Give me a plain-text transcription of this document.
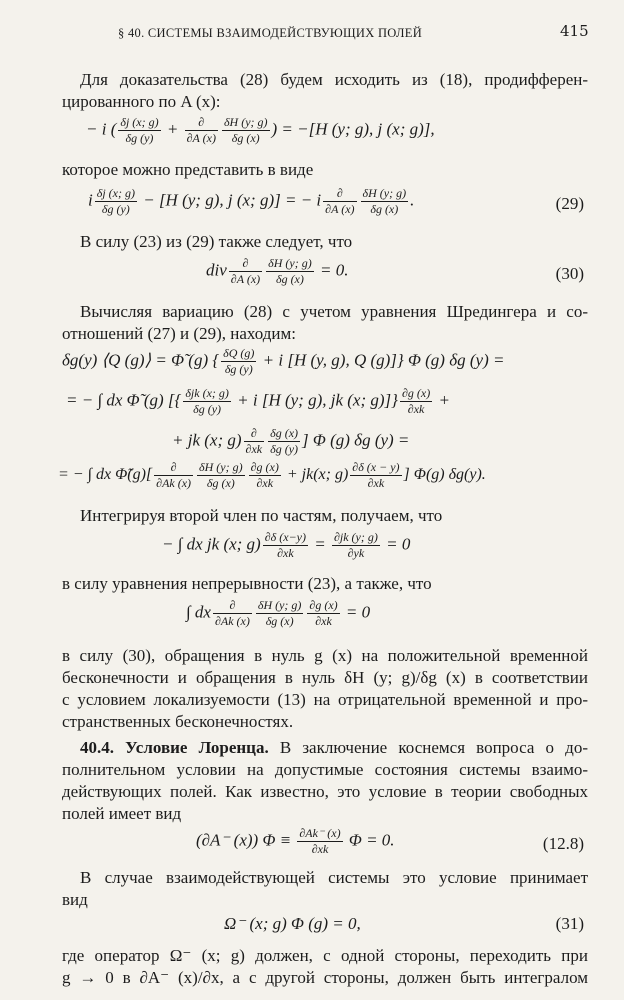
§ 40. СИСТЕМЫ ВЗАИМОДЕЙСТВУЮЩИХ ПОЛЕЙ	415
Для доказательства (28) будем исходить из (18), продифферен-
цированного по A (x):
− i ( $\frac{\delta j (x; g)}{\delta g (y)}$ +	∂
∂A $(x) \frac{\delta H (y; g)}{\delta g (x)}$ ) = −[H (y; g), j (x; g)],
которое можно представить в виде
i $\frac{\delta j (x; g)}{\delta g (y)} - [H$ (y; g), j (x; g)] = − i	∂
∂A $(x) \frac{\delta H (y; g)}{\delta g (x)}$ .	(29)
В силу (23) из (29) также следует, что
div	∂
∂A $(x) \frac{\delta H (y; g)}{\delta g (x)} = 0$.	(30)
Вычисляя вариацию (28) с учетом уравнения Шредингера и со-
отношений (27) и (29), находим:
δg(y) ⟨Q (g)⟩ = Φ̃ (g) { $\frac{\delta Q (g)}{\delta g (y)} + i$ [H (y, g), Q (g)]} Φ (g) δg (y) =
= − ∫ dx Φ̃ (g) [{ δjk (x; g)
δg (y) + i [H (y; g), jk (x; $g)]\} \frac{\partial g (x)}{\partial xk}$ +
+ jk (x; g) ∂
$\partial xk \frac{\delta g (x)}{\delta g (y)}$ ] Φ (g) δg (y) =
= − ∫ dx Φ̃(g)[	∂
∂Ak $(x) \frac{\delta H (y; g)}{\delta g (x)} \frac{\partial g (x)}{\partial xk} + jk(x$; $g) \frac{\partial\delta (x - y)}{\partial xk}$ ] Φ(g) δg(y).
Интегрируя второй член по частям, получаем, что
− ∫ dx jk (x; $g) \frac{\partial\delta (x-y)}{\partial xk} = \frac{\partial jk (y; g)}{\partial yk} = 0$
в силу уравнения непрерывности (23), а также, что
∫ dx	∂
∂Ak $(x) \frac{\delta H (y; g)}{\delta g (x)} \frac{\partial g (x)}{\partial xk} = 0$
в силу (30), обращения в нуль g (x) на положительной временной
бесконечности и обращения в нуль δH (y; g)/δg (x) в соответствии
с условием локализуемости (13) на отрицательной временной и про-
странственных бесконечностях.
40.4. Условие Лоренца. В заключение коснемся вопроса о до-
полнительном условии на допустимые состояния системы взаимо-
действующих полей. Как известно, это условие в теории свободных
полей имеет вид
(∂A⁻ (x)) $\Phi \equiv \frac{\partial Ak^- (x)}{\partial xk}$ Φ = 0.	(12.8)
В случае взаимодействующей системы это условие принимает
вид
Ω⁻ (x; g) Φ (g) = 0,	(31)
где оператор Ω⁻ (x; g) должен, с одной стороны, переходить при
g → 0 в ∂A⁻ (x)/∂x, а с другой стороны, должен быть интегралом
